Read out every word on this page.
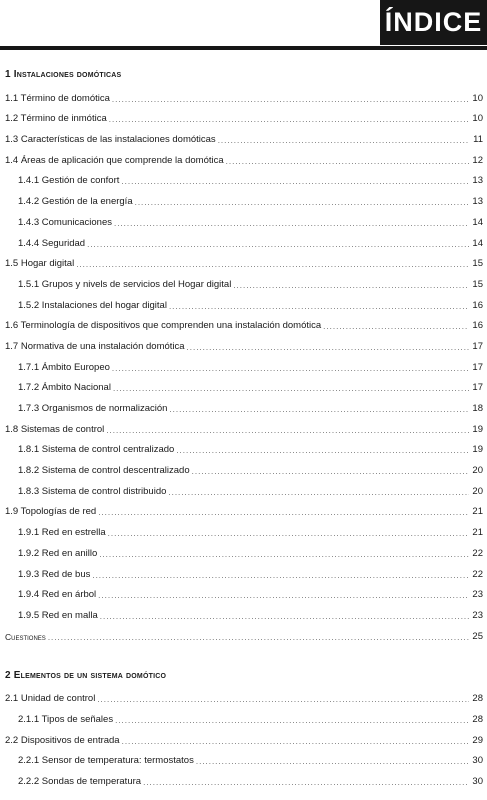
ÍNDICE
1 Instalaciones domóticas
1.1 Término de domótica .....	10
1.2 Término de inmótica .....	10
1.3 Características de las instalaciones domóticas .....	11
1.4 Áreas de aplicación que comprende la domótica .....	12
1.4.1 Gestión de confort .....	13
1.4.2 Gestión de la energía .....	13
1.4.3 Comunicaciones .....	14
1.4.4 Seguridad .....	14
1.5 Hogar digital .....	15
1.5.1 Grupos y nivels de servicios del Hogar digital .....	15
1.5.2 Instalaciones del hogar digital .....	16
1.6 Terminología de dispositivos que comprenden una instalación domótica .....	16
1.7 Normativa de una instalación domótica .....	17
1.7.1 Ámbito Europeo .....	17
1.7.2 Ámbito Nacional .....	17
1.7.3 Organismos de normalización .....	18
1.8 Sistemas de control .....	19
1.8.1 Sistema de control centralizado .....	19
1.8.2 Sistema de control descentralizado .....	20
1.8.3 Sistema de control distribuido .....	20
1.9 Topologías de red .....	21
1.9.1 Red en estrella .....	21
1.9.2 Red en anillo .....	22
1.9.3 Red de bus .....	22
1.9.4 Red en árbol .....	23
1.9.5 Red en malla .....	23
Cuestiones .....	25
2 Elementos de un sistema domótico
2.1 Unidad de control .....	28
2.1.1 Tipos de señales .....	28
2.2 Dispositivos de entrada .....	29
2.2.1 Sensor de temperatura: termostatos .....	30
2.2.2 Sondas de temperatura .....	30
